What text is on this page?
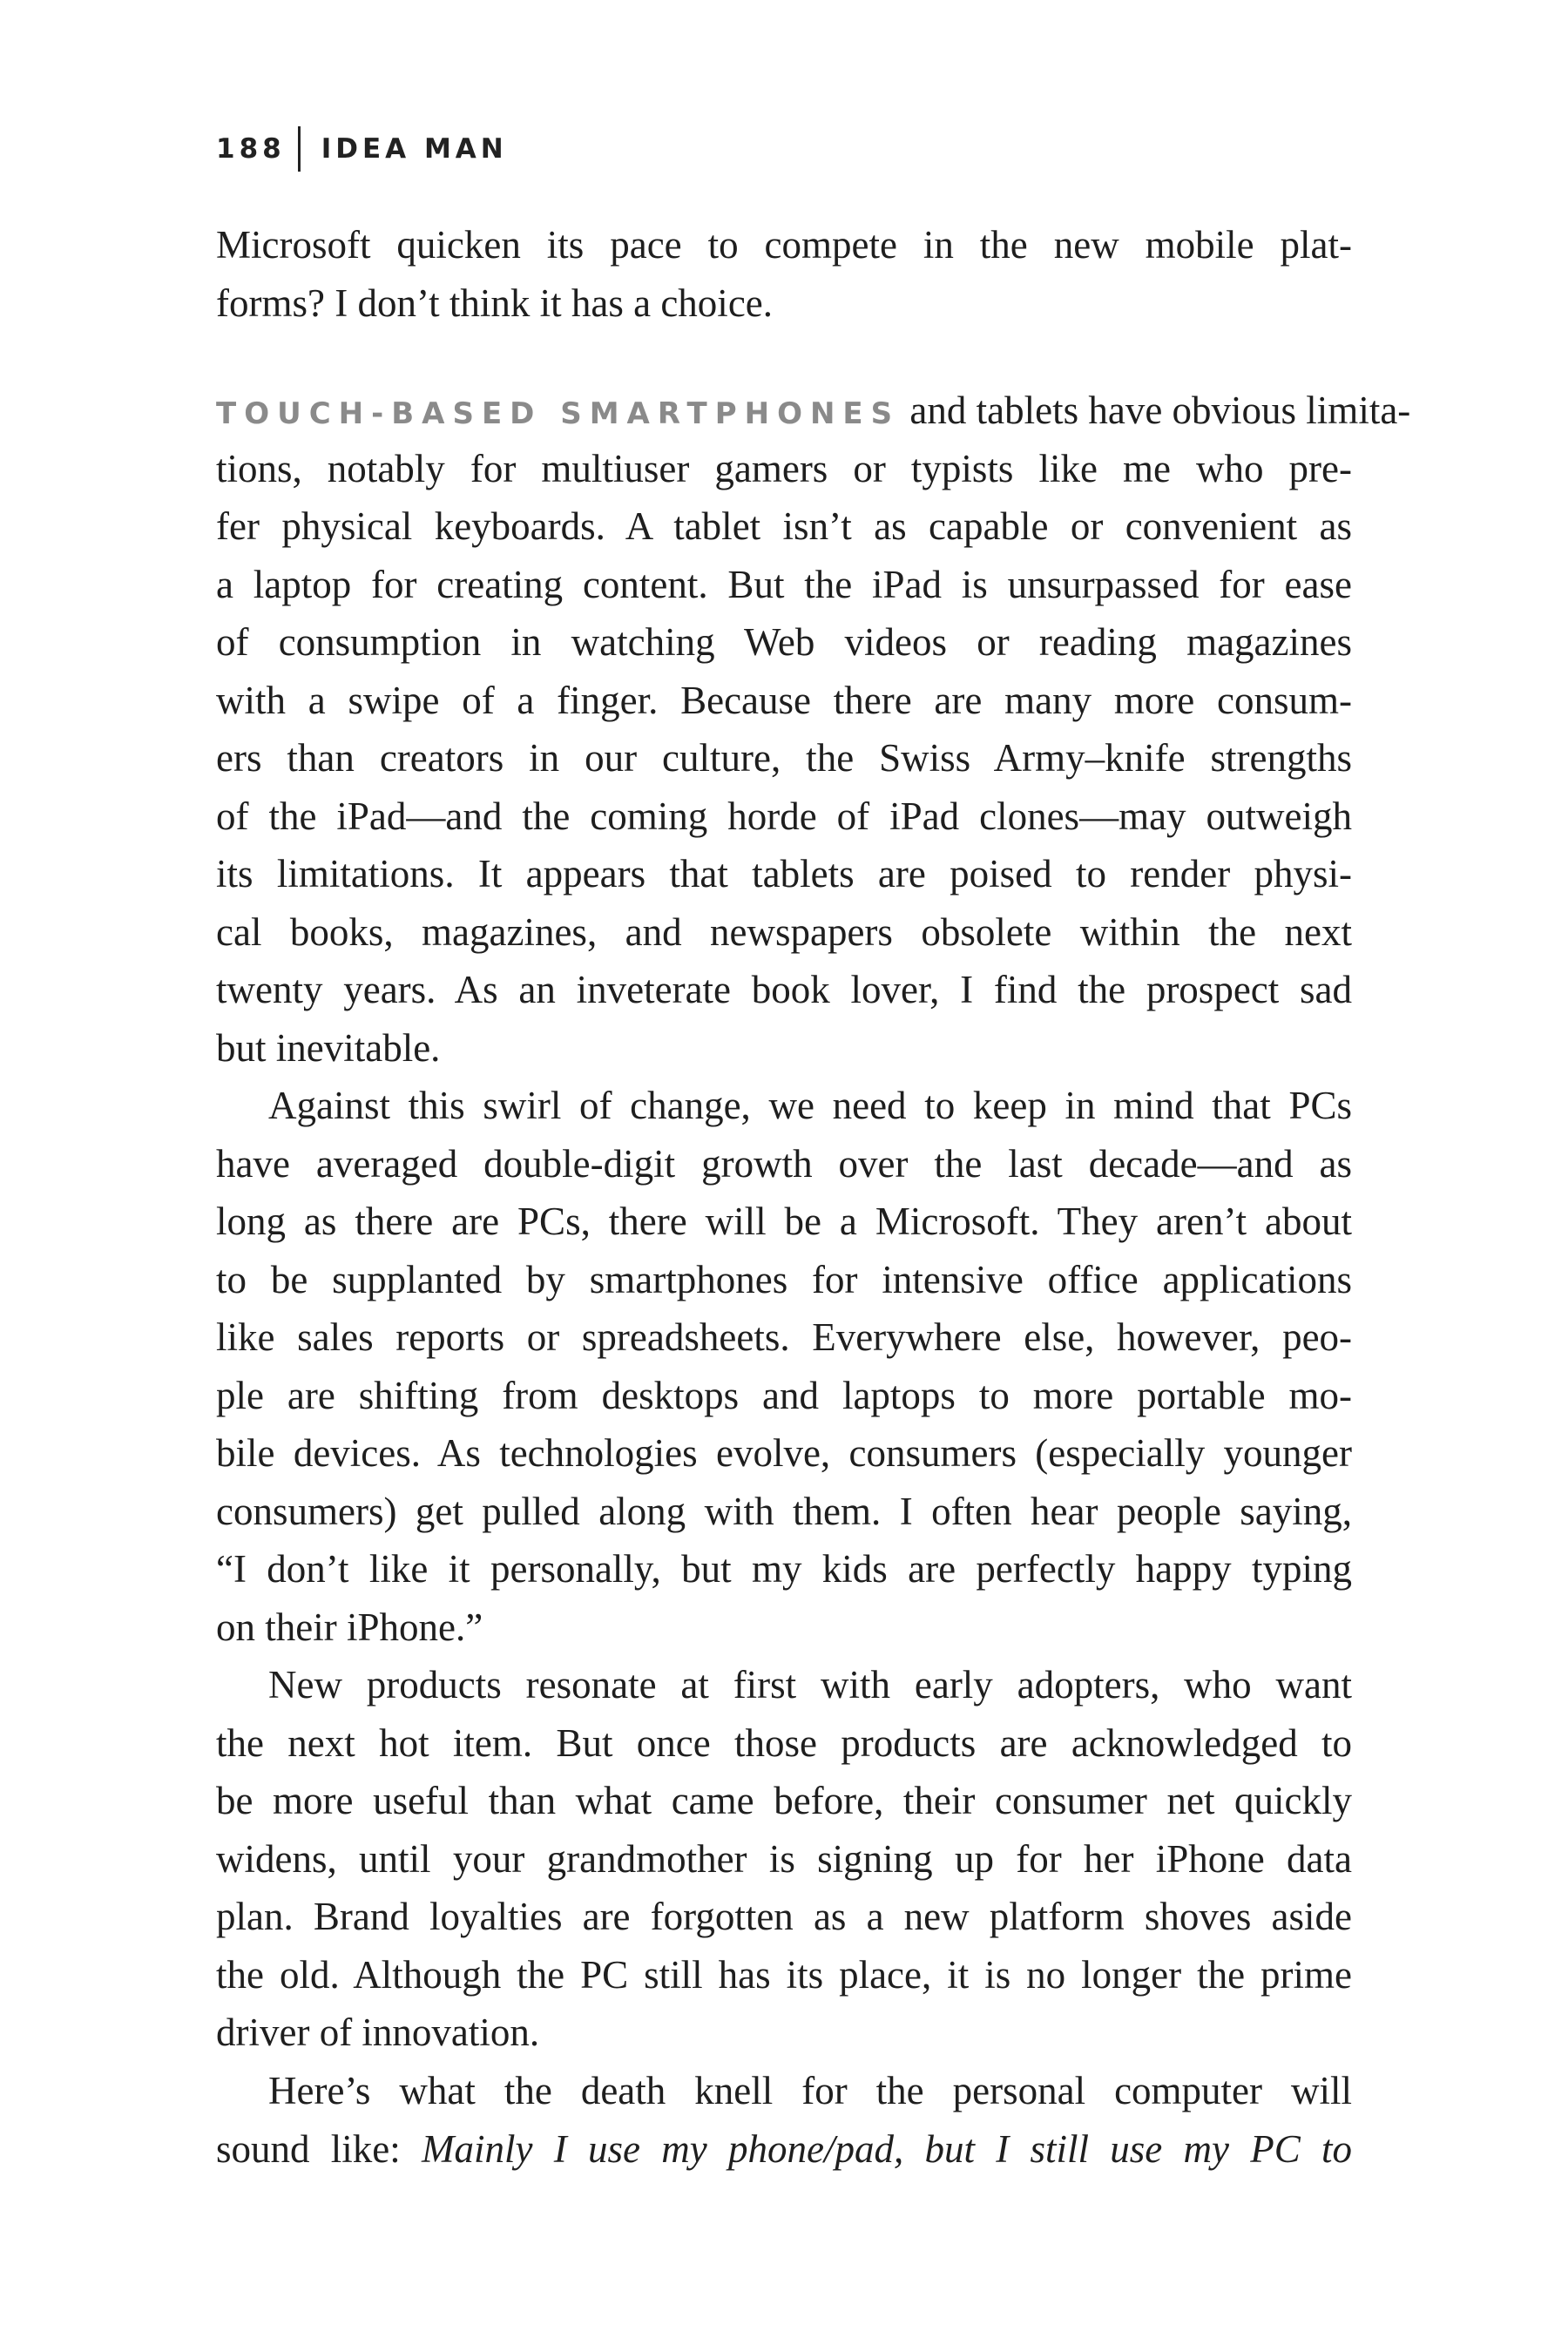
188 IDEA MAN
Microsoft quicken its pace to compete in the new mobile plat-
forms? I don’t think it has a choice.
TOUCH-BASED SMARTPHONES and tablets have obvious limita-
tions, notably for multiuser gamers or typists like me who pre-
fer physical keyboards. A tablet isn’t as capable or convenient as
a laptop for creating content. But the iPad is unsurpassed for ease
of consumption in watching Web videos or reading magazines
with a swipe of a finger. Because there are many more consum-
ers than creators in our culture, the Swiss Army–knife strengths
of the iPad—and the coming horde of iPad clones—may outweigh
its limitations. It appears that tablets are poised to render physi-
cal books, magazines, and newspapers obsolete within the next
twenty years. As an inveterate book lover, I find the prospect sad
but inevitable.
Against this swirl of change, we need to keep in mind that PCs
have averaged double-digit growth over the last decade—and as
long as there are PCs, there will be a Microsoft. They aren’t about
to be supplanted by smartphones for intensive office applications
like sales reports or spreadsheets. Everywhere else, however, peo-
ple are shifting from desktops and laptops to more portable mo-
bile devices. As technologies evolve, consumers (especially younger
consumers) get pulled along with them. I often hear people saying,
“I don’t like it personally, but my kids are perfectly happy typing
on their iPhone.”
New products resonate at first with early adopters, who want
the next hot item. But once those products are acknowledged to
be more useful than what came before, their consumer net quickly
widens, until your grandmother is signing up for her iPhone data
plan. Brand loyalties are forgotten as a new platform shoves aside
the old. Although the PC still has its place, it is no longer the prime
driver of innovation.
Here’s what the death knell for the personal computer will
sound like: Mainly I use my phone/pad, but I still use my PC to
